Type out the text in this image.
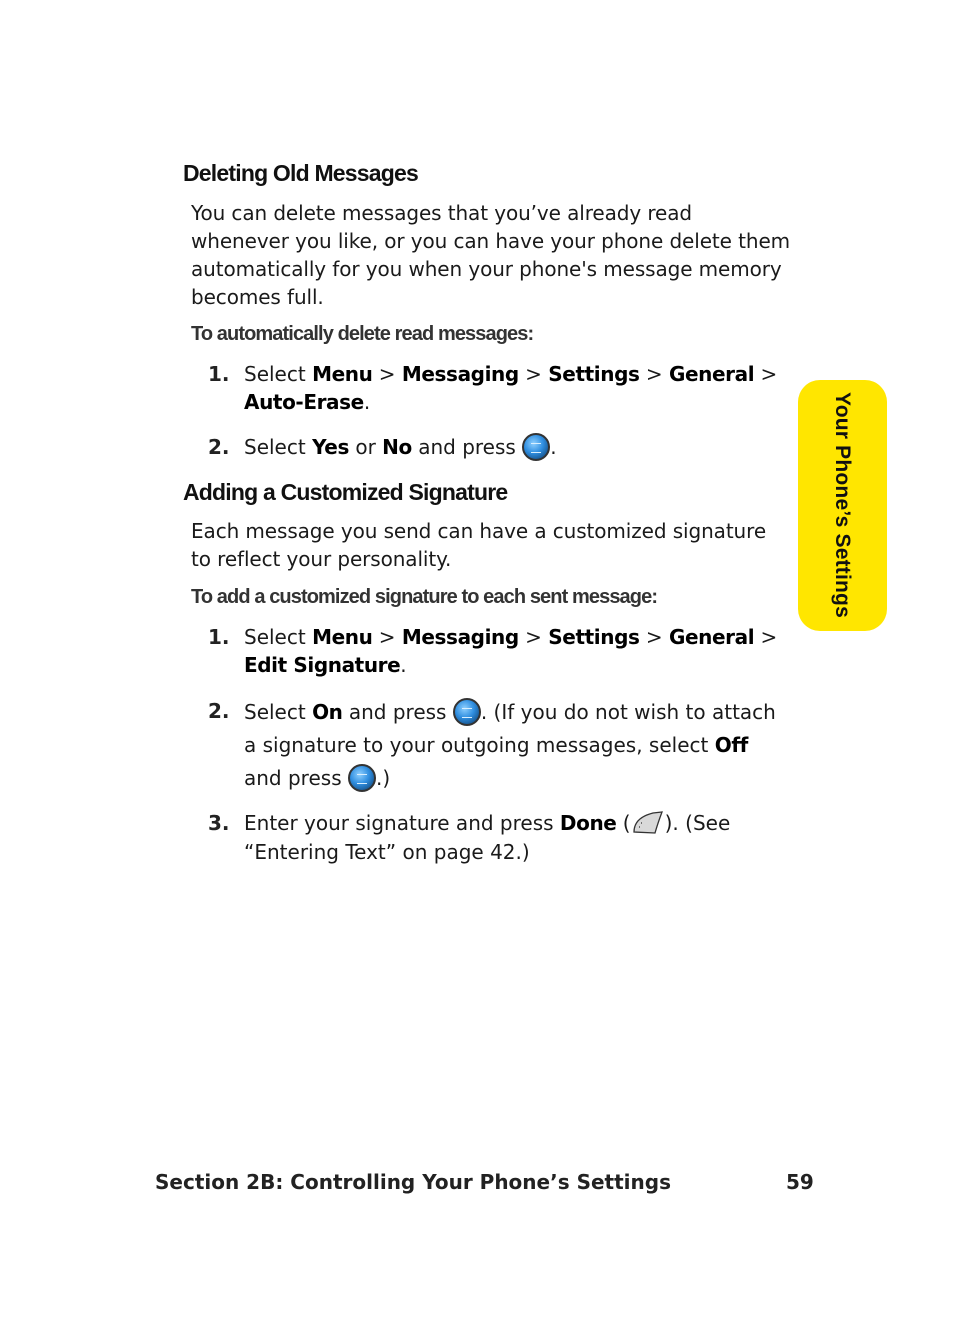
Deleting Old Messages
You can delete messages that you’ve already read whenever you like, or you can have your phone delete them automatically for you when your phone's message memory becomes full.
To automatically delete read messages:
1. Select Menu > Messaging > Settings > General >
Auto-Erase.
2. Select Yes or No and press .
Adding a Customized Signature
Each message you send can have a customized signature to reflect your personality.
To add a customized signature to each sent message:
1. Select Menu > Messaging > Settings > General >
Edit Signature.
2. Select On and press . (If you do not wish to attach a signature to your outgoing messages, select Off and press .)
3. Enter your signature and press Done ( ). (See “Entering Text” on page 42.)
Your Phone’s Settings
Section 2B: Controlling Your Phone’s Settings	59
